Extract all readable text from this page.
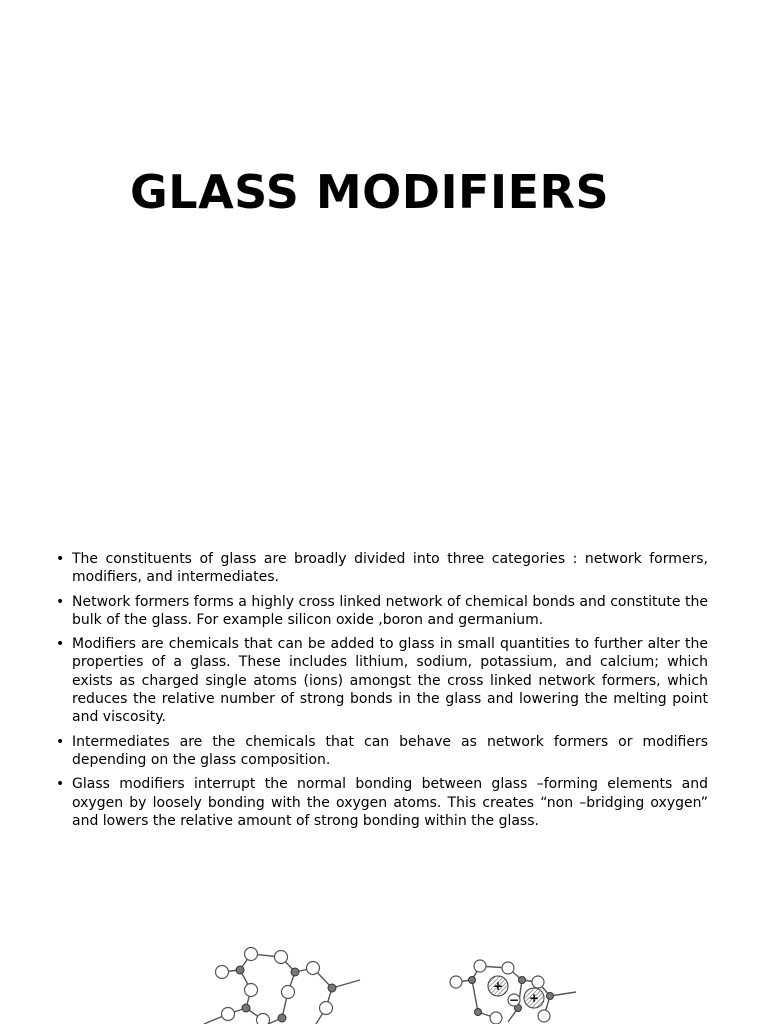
GLASS MODIFIERS
• The constituents of glass are broadly divided into three categories : network formers, modifiers, and intermediates.
• Network formers forms a highly cross linked network of chemical bonds and constitute the bulk of the glass. For example silicon oxide ,boron and germanium.
• Modifiers are chemicals that can be added to glass in small quantities to further alter the properties of a glass. These includes lithium, sodium, potassium, and calcium; which exists as charged single atoms (ions) amongst the cross linked network formers, which reduces the relative number of strong bonds in the glass and lowering the melting point and viscosity.
• Intermediates are the chemicals that can behave as network formers or modifiers depending on the glass composition.
• Glass modifiers interrupt the normal bonding between glass –forming elements and oxygen by loosely bonding with the oxygen atoms. This creates “non –bridging oxygen” and lowers the relative amount of strong bonding within the glass.
+
+
−
